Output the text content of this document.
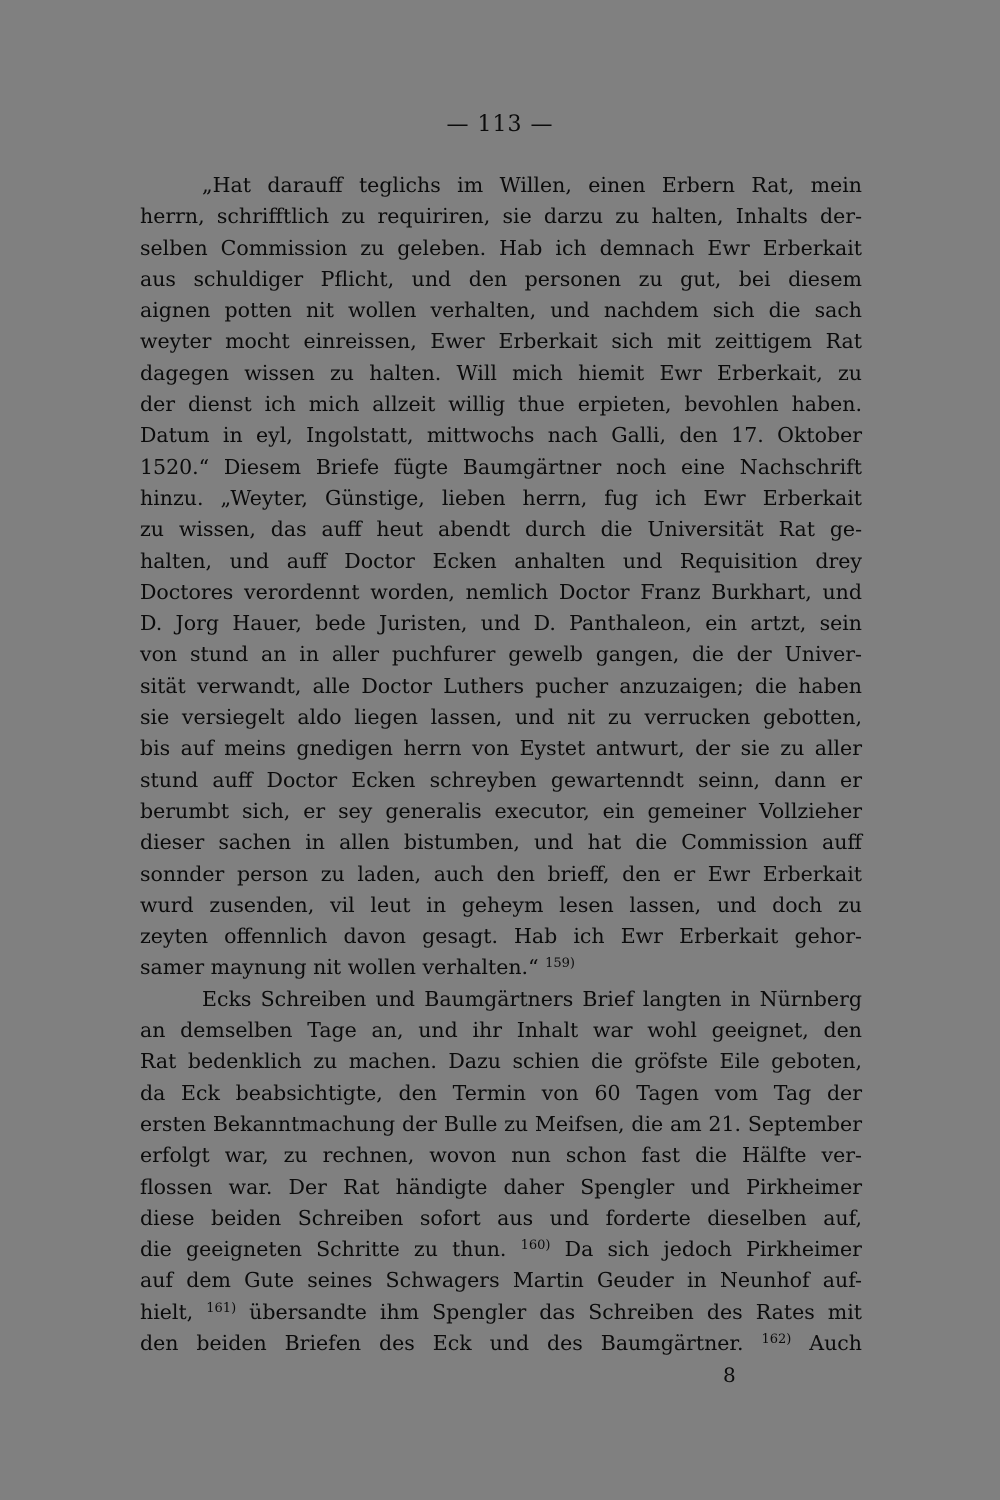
— 113 —
„Hat darauff teglichs im Willen, einen Erbern Rat, mein
herrn, schrifftlich zu requiriren, sie darzu zu halten, Inhalts der-
selben Commission zu geleben. Hab ich demnach Ewr Erberkait
aus schuldiger Pflicht, und den personen zu gut, bei diesem
aignen potten nit wollen verhalten, und nachdem sich die sach
weyter mocht einreissen, Ewer Erberkait sich mit zeittigem Rat
dagegen wissen zu halten. Will mich hiemit Ewr Erberkait, zu
der dienst ich mich allzeit willig thue erpieten, bevohlen haben.
Datum in eyl, Ingolstatt, mittwochs nach Galli, den 17. Oktober
1520.“ Diesem Briefe fügte Baumgärtner noch eine Nachschrift
hinzu. „Weyter, Günstige, lieben herrn, fug ich Ewr Erberkait
zu wissen, das auff heut abendt durch die Universität Rat ge-
halten, und auff Doctor Ecken anhalten und Requisition drey
Doctores verordennt worden, nemlich Doctor Franz Burkhart, und
D. Jorg Hauer, bede Juristen, und D. Panthaleon, ein artzt, sein
von stund an in aller puchfurer gewelb gangen, die der Univer-
sität verwandt, alle Doctor Luthers pucher anzuzaigen; die haben
sie versiegelt aldo liegen lassen, und nit zu verrucken gebotten,
bis auf meins gnedigen herrn von Eystet antwurt, der sie zu aller
stund auff Doctor Ecken schreyben gewartenndt seinn, dann er
berumbt sich, er sey generalis executor, ein gemeiner Vollzieher
dieser sachen in allen bistumben, und hat die Commission auff
sonnder person zu laden, auch den brieff, den er Ewr Erberkait
wurd zusenden, vil leut in geheym lesen lassen, und doch zu
zeyten offennlich davon gesagt. Hab ich Ewr Erberkait gehor-
samer maynung nit wollen verhalten.“ $^{159)}$
Ecks Schreiben und Baumgärtners Brief langten in Nürnberg
an demselben Tage an, und ihr Inhalt war wohl geeignet, den
Rat bedenklich zu machen. Dazu schien die gröfste Eile geboten,
da Eck beabsichtigte, den Termin von 60 Tagen vom Tag der
ersten Bekanntmachung der Bulle zu Meifsen, die am 21. September
erfolgt war, zu rechnen, wovon nun schon fast die Hälfte ver-
flossen war. Der Rat händigte daher Spengler und Pirkheimer
diese beiden Schreiben sofort aus und forderte dieselben auf,
die geeigneten Schritte zu thun. $^{160)}$ Da sich jedoch Pirkheimer
auf dem Gute seines Schwagers Martin Geuder in Neunhof auf-
hielt, $^{161)}$ übersandte ihm Spengler das Schreiben des Rates mit
den beiden Briefen des Eck und des Baumgärtner. $^{162)}$ Auch
8
